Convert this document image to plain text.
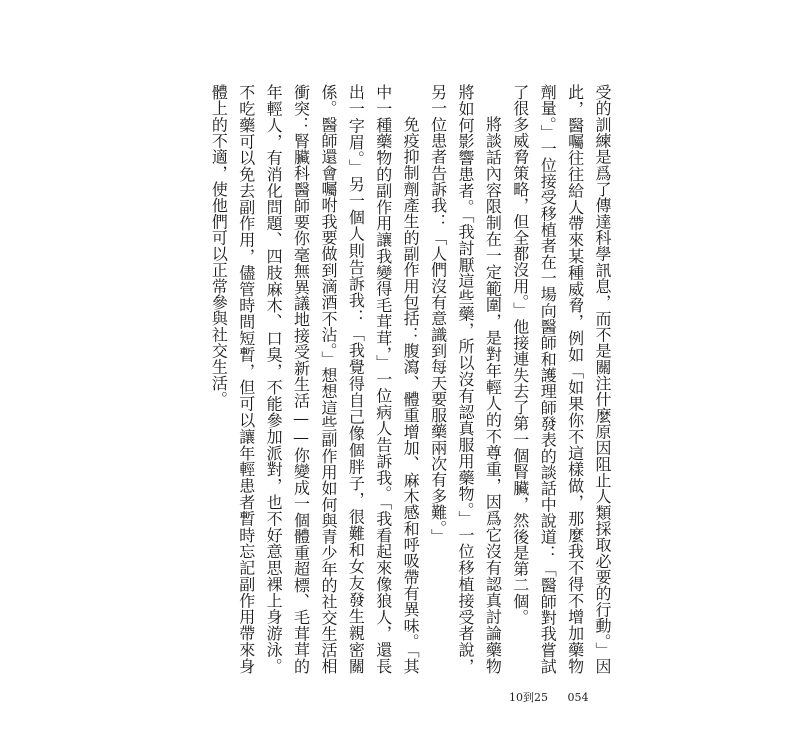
受的訓練是爲了傳達科學訊息，而不是關注什麼原因阻止人類採取必要的行動。」因此，醫囑往往給人帶來某種威脅，例如「如果你不這樣做，那麼我不得不增加藥物劑量。」一位接受移植者在一場向醫師和護理師發表的談話中說道：「醫師對我嘗試了很多威脅策略，但全都沒用。」他接連失去了第一個腎臟，然後是第二個。

將談話內容限制在一定範圍，是對年輕人的不尊重，因爲它沒有認真討論藥物將如何影響患者。「我討厭這些藥，所以沒有認真服用藥物。」一位移植接受者說，另一位患者告訴我：「人們沒有意識到每天要服藥兩次有多難。」

免疫抑制劑產生的副作用包括：腹瀉、體重增加、麻木感和呼吸帶有異味。「其中一種藥物的副作用讓我變得毛茸茸，」一位病人告訴我。「我看起來像狼人，還長出一字眉。」另一個人則告訴我：「我覺得自己像個胖子，很難和女友發生親密關係。醫師還會囑咐我要做到滴酒不沾。」想想這些副作用如何與青少年的社交生活相衝突：腎臟科醫師要你毫無異議地接受新生活——你變成一個體重超標、毛茸茸的年輕人，有消化問題、四肢麻木、口臭，不能參加派對，也不好意思裸上身游泳。不吃藥可以免去副作用，儘管時間短暫，但可以讓年輕患者暫時忘記副作用帶來身體上的不適，使他們可以正常參與社交生活。

10到25 054
